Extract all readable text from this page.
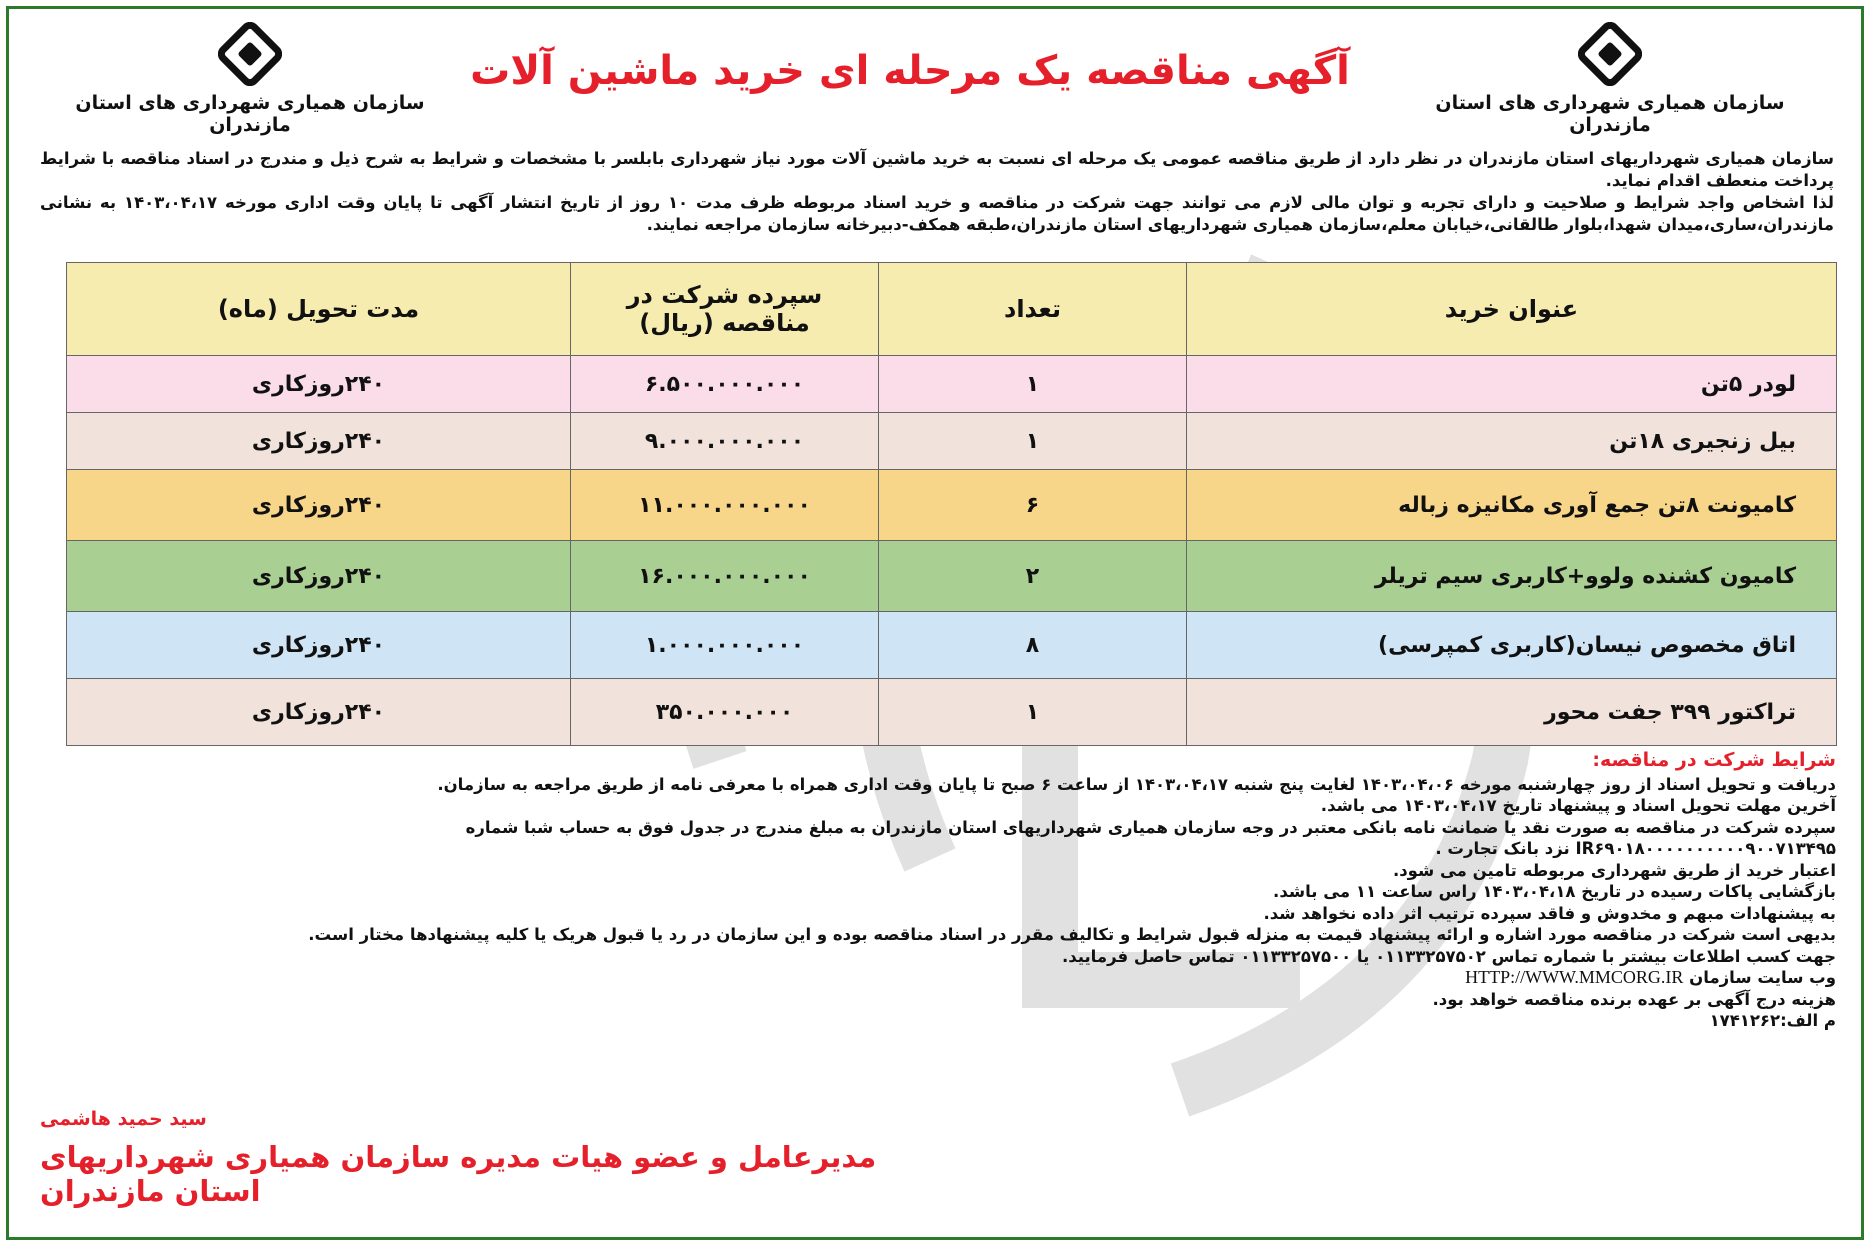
سازمان همیاری شهرداری های استان مازندران
سازمان همیاری شهرداری های استان مازندران
آگهی مناقصه یک مرحله ای خرید ماشین آلات

سازمان همیاری شهرداریهای استان مازندران در نظر دارد از طریق مناقصه عمومی یک مرحله ای نسبت به خرید ماشین آلات مورد نیاز شهرداری بابلسر با مشخصات و شرایط به شرح ذیل و مندرج در اسناد مناقصه با شرایط پرداخت منعطف اقدام نماید.

لذا اشخاص واجد شرایط و صلاحیت و دارای تجربه و توان مالی لازم می توانند جهت شرکت در مناقصه و خرید اسناد مربوطه ظرف مدت ۱۰ روز از تاریخ انتشار آگهی تا پایان وقت اداری مورخه ۱۴۰۳،۰۴،۱۷ به نشانی مازندران،ساری،میدان شهدا،بلوار طالقانی،خیابان معلم،سازمان همیاری شهرداریهای استان مازندران،طبقه همکف-دبیرخانه سازمان مراجعه نمایند.

عنوان خرید	تعداد	سپرده شرکت در مناقصه (ریال)	مدت تحویل (ماه)
لودر ۵تن	۱	۶.۵۰۰.۰۰۰.۰۰۰	۲۴۰روزکاری
بیل زنجیری ۱۸تن	۱	۹.۰۰۰.۰۰۰.۰۰۰	۲۴۰روزکاری
کامیونت ۸تن جمع آوری مکانیزه زباله	۶	۱۱.۰۰۰.۰۰۰.۰۰۰	۲۴۰روزکاری
کامیون کشنده ولوو+کاربری سیم تریلر	۲	۱۶.۰۰۰.۰۰۰.۰۰۰	۲۴۰روزکاری
اتاق مخصوص نیسان(کاربری کمپرسی)	۸	۱.۰۰۰.۰۰۰.۰۰۰	۲۴۰روزکاری
تراکتور ۳۹۹ جفت محور	۱	۳۵۰.۰۰۰.۰۰۰	۲۴۰روزکاری
شرایط شرکت در مناقصه:

دریافت و تحویل اسناد از روز چهارشنبه مورخه ۱۴۰۳،۰۴،۰۶ لغایت پنج شنبه ۱۴۰۳،۰۴،۱۷ از ساعت ۶ صبح تا پایان وقت اداری همراه با معرفی نامه از طریق مراجعه به سازمان.

آخرین مهلت تحویل اسناد و پیشنهاد تاریخ ۱۴۰۳،۰۴،۱۷ می باشد.

سپرده شرکت در مناقصه به صورت نقد یا ضمانت نامه بانکی معتبر در وجه سازمان همیاری شهرداریهای استان مازندران به مبلغ مندرج در جدول فوق به حساب شبا شماره IR۶۹۰۱۸۰۰۰۰۰۰۰۰۰۰۹۰۰۷۱۳۴۹۵ نزد بانک تجارت .

اعتبار خرید از طریق شهرداری مربوطه تامین می شود.

بازگشایی پاکات رسیده در تاریخ ۱۴۰۳،۰۴،۱۸ راس ساعت ۱۱ می باشد.

به پیشنهادات مبهم و مخدوش و فاقد سپرده ترتیب اثر داده نخواهد شد.

بدیهی است شرکت در مناقصه مورد اشاره و ارائه پیشنهاد قیمت به منزله قبول شرایط و تکالیف مقرر در اسناد مناقصه بوده و این سازمان در رد یا قبول هریک یا کلیه پیشنهادها مختار است.

جهت کسب اطلاعات بیشتر با شماره تماس ۰۱۱۳۳۲۵۷۵۰۲ یا ۰۱۱۳۳۲۵۷۵۰۰ تماس حاصل فرمایید.

وب سایت سازمان HTTP://WWW.MMCORG.IR

هزینه درج آگهی بر عهده برنده مناقصه خواهد بود.

م الف:۱۷۴۱۲۶۲

سید حمید هاشمی
مدیرعامل و عضو هیات مدیره سازمان همیاری شهرداریهای استان مازندران
